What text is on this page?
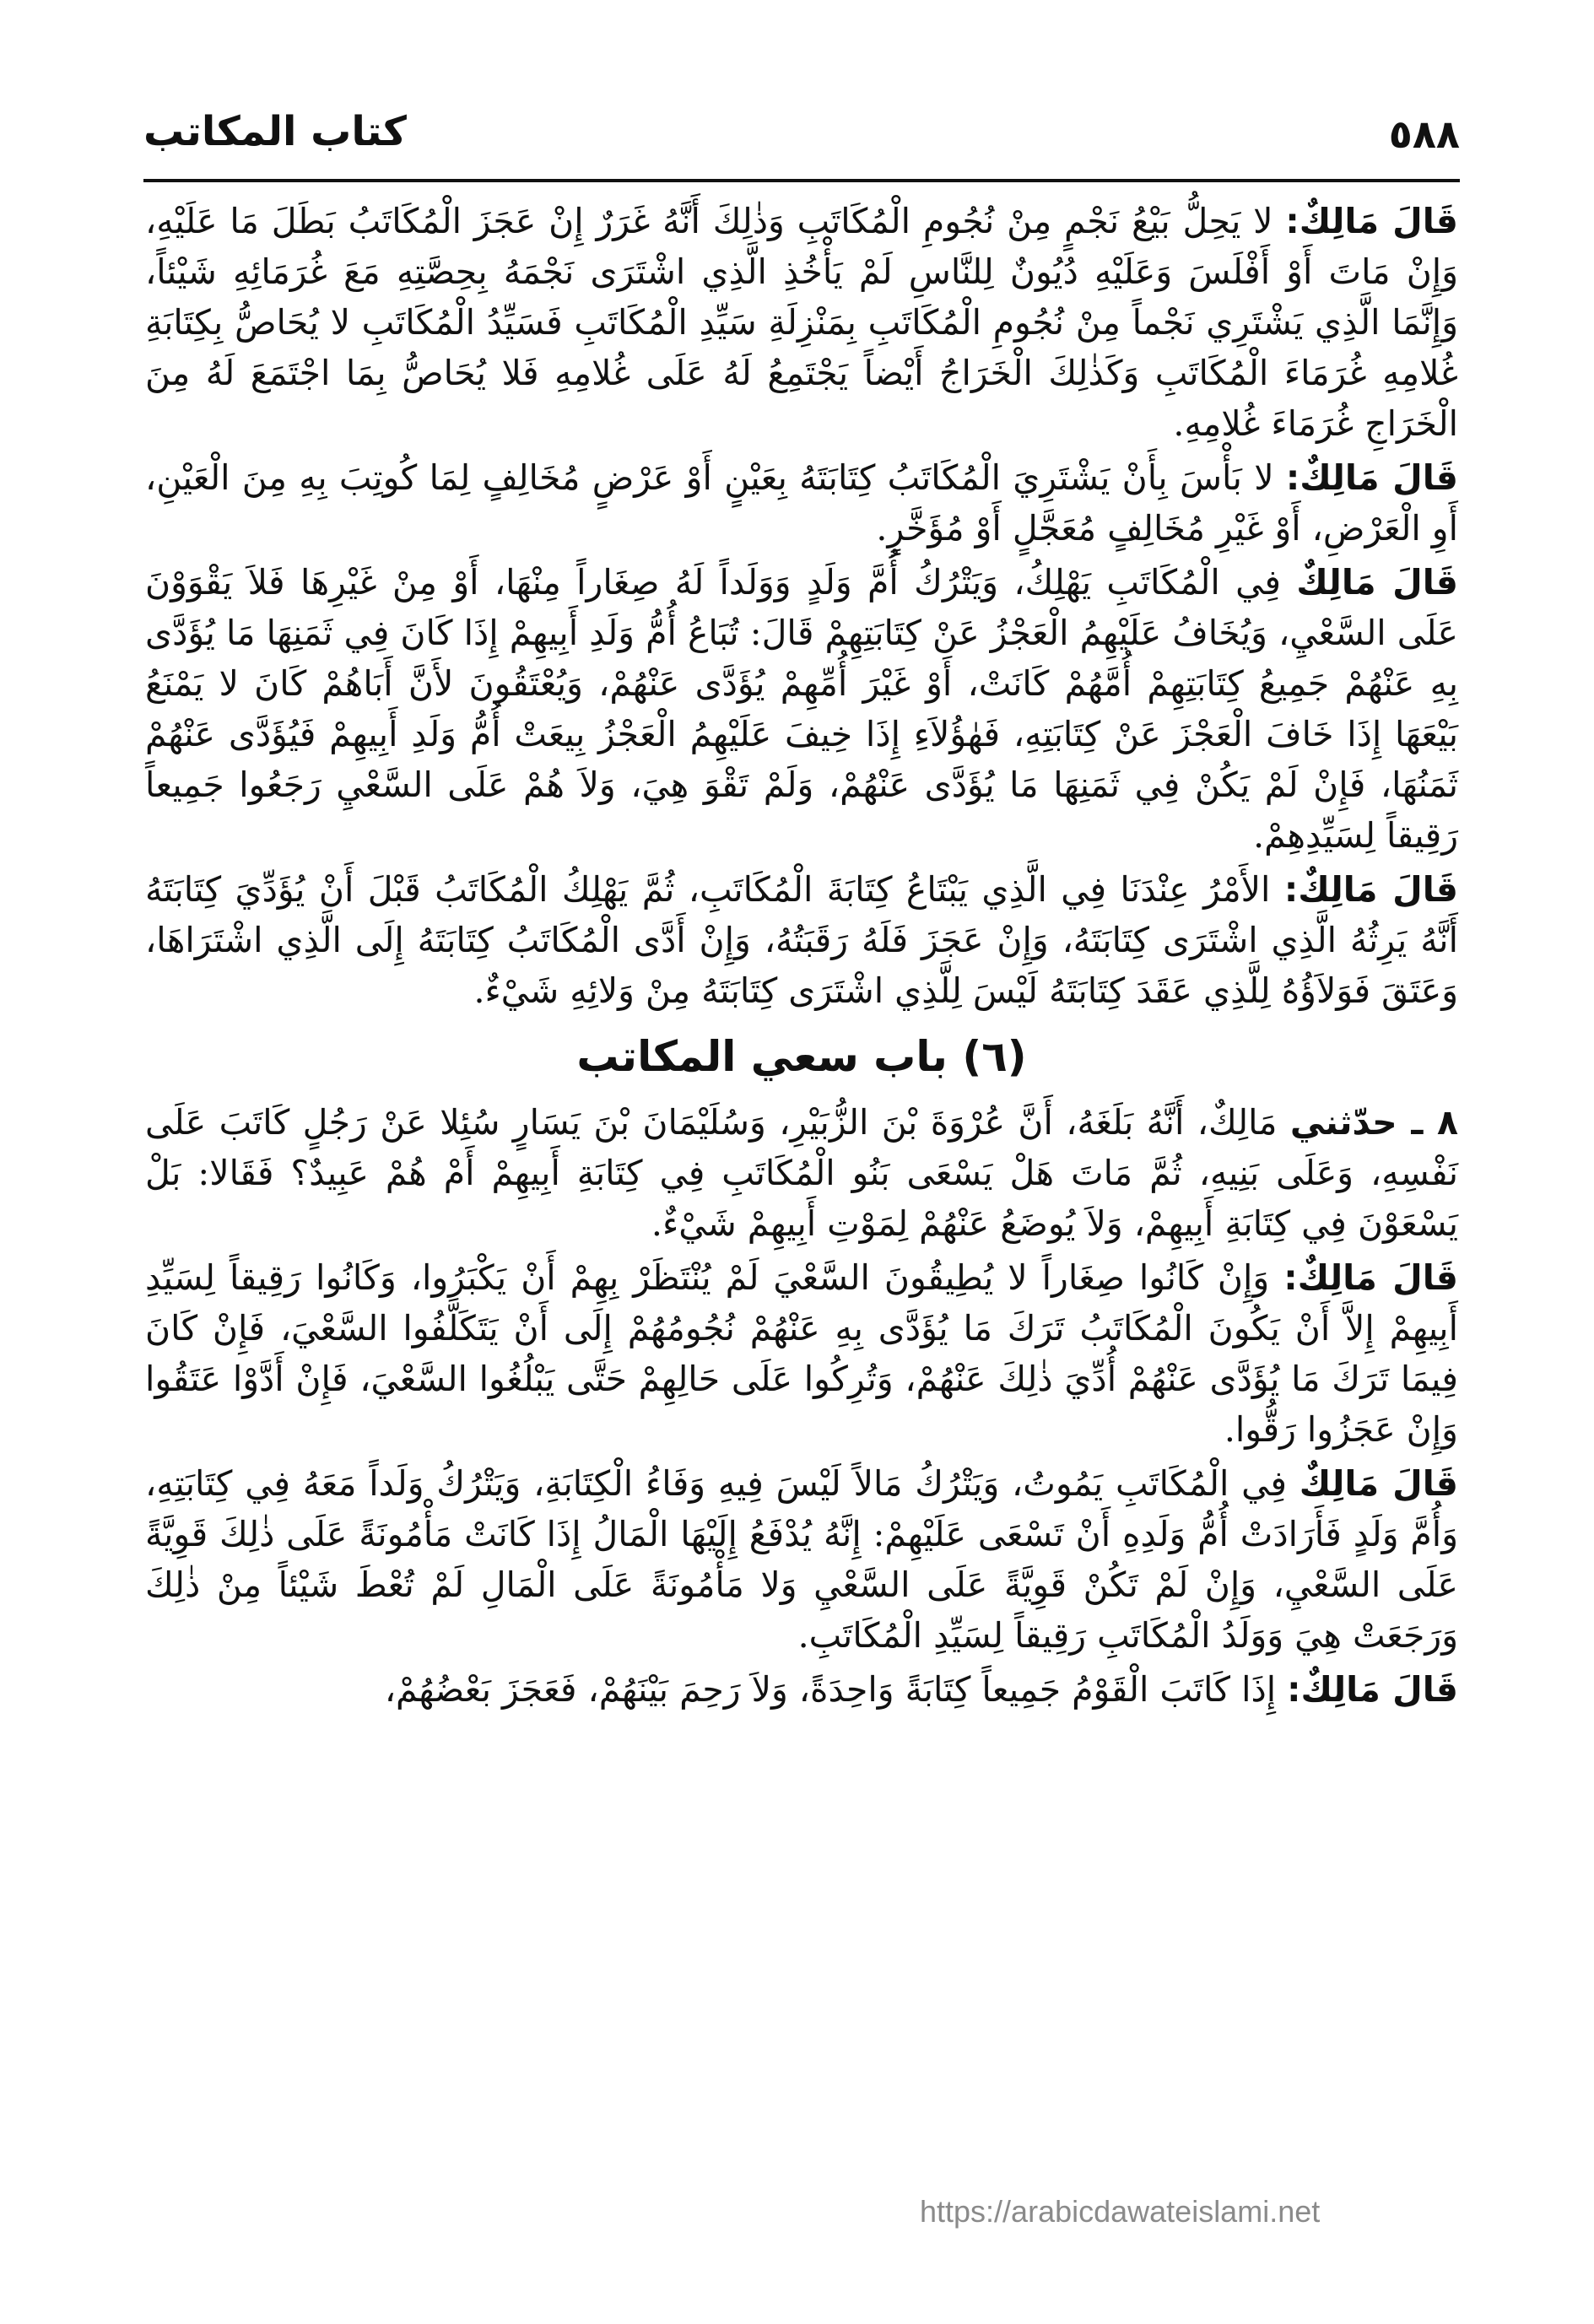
٥٨٨
كتاب المكاتب

قَالَ مَالِكٌ: لا يَحِلُّ بَيْعُ نَجْمٍ مِنْ نُجُومِ الْمُكَاتَبِ وَذٰلِكَ أَنَّهُ غَرَرٌ إِنْ عَجَزَ الْمُكَاتَبُ بَطَلَ مَا عَلَيْهِ، وَإِنْ مَاتَ أَوْ أَفْلَسَ وَعَلَيْهِ دُيُونٌ لِلنَّاسِ لَمْ يَأْخُذِ الَّذِي اشْتَرَى نَجْمَهُ بِحِصَّتِهِ مَعَ غُرَمَائِهِ شَيْئاً، وَإِنَّمَا الَّذِي يَشْتَرِي نَجْماً مِنْ نُجُومِ الْمُكَاتَبِ بِمَنْزِلَةِ سَيِّدِ الْمُكَاتَبِ فَسَيِّدُ الْمُكَاتَبِ لا يُحَاصُّ بِكِتَابَةِ غُلامِهِ غُرَمَاءَ الْمُكَاتَبِ وَكَذٰلِكَ الْخَرَاجُ أَيْضاً يَجْتَمِعُ لَهُ عَلَى غُلامِهِ فَلا يُحَاصُّ بِمَا اجْتَمَعَ لَهُ مِنَ الْخَرَاجِ غُرَمَاءَ غُلامِهِ.

قَالَ مَالِكٌ: لا بَأْسَ بِأَنْ يَشْتَرِيَ الْمُكَاتَبُ كِتَابَتَهُ بِعَيْنٍ أَوْ عَرْضٍ مُخَالِفٍ لِمَا كُوتِبَ بِهِ مِنَ الْعَيْنِ، أَوِ الْعَرْضِ، أَوْ غَيْرِ مُخَالِفٍ مُعَجَّلٍ أَوْ مُؤَخَّرٍ.

قَالَ مَالِكٌ فِي الْمُكَاتَبِ يَهْلِكُ، وَيَتْرُكُ أُمَّ وَلَدٍ وَوَلَداً لَهُ صِغَاراً مِنْهَا، أَوْ مِنْ غَيْرِهَا فَلاَ يَقْوَوْنَ عَلَى السَّعْيِ، وَيُخَافُ عَلَيْهِمُ الْعَجْزُ عَنْ كِتَابَتِهِمْ قَالَ: تُبَاعُ أُمُّ وَلَدِ أَبِيهِمْ إِذَا كَانَ فِي ثَمَنِهَا مَا يُؤَدَّى بِهِ عَنْهُمْ جَمِيعُ كِتَابَتِهِمْ أُمَّهُمْ كَانَتْ، أَوْ غَيْرَ أُمِّهِمْ يُؤَدَّى عَنْهُمْ، وَيُعْتَقُونَ لأَنَّ أَبَاهُمْ كَانَ لا يَمْنَعُ بَيْعَهَا إِذَا خَافَ الْعَجْزَ عَنْ كِتَابَتِهِ، فَهٰؤُلاَءِ إِذَا خِيفَ عَلَيْهِمُ الْعَجْزُ بِيعَتْ أُمُّ وَلَدِ أَبِيهِمْ فَيُؤَدَّى عَنْهُمْ ثَمَنُهَا، فَإِنْ لَمْ يَكُنْ فِي ثَمَنِهَا مَا يُؤَدَّى عَنْهُمْ، وَلَمْ تَقْوَ هِيَ، وَلاَ هُمْ عَلَى السَّعْيِ رَجَعُوا جَمِيعاً رَقِيقاً لِسَيِّدِهِمْ.

قَالَ مَالِكٌ: الأَمْرُ عِنْدَنَا فِي الَّذِي يَبْتَاعُ كِتَابَةَ الْمُكَاتَبِ، ثُمَّ يَهْلِكُ الْمُكَاتَبُ قَبْلَ أَنْ يُؤَدِّيَ كِتَابَتَهُ أَنَّهُ يَرِثُهُ الَّذِي اشْتَرَى كِتَابَتَهُ، وَإِنْ عَجَزَ فَلَهُ رَقَبَتُهُ، وَإِنْ أَدَّى الْمُكَاتَبُ كِتَابَتَهُ إِلَى الَّذِي اشْتَرَاهَا، وَعَتَقَ فَوَلاَؤُهُ لِلَّذِي عَقَدَ كِتَابَتَهُ لَيْسَ لِلَّذِي اشْتَرَى كِتَابَتَهُ مِنْ وَلائِهِ شَيْءٌ.

(٦) باب سعي المكاتب

٨ ـ حدّثني مَالِكٌ، أَنَّهُ بَلَغَهُ، أَنَّ عُرْوَةَ بْنَ الزُّبَيْرِ، وَسُلَيْمَانَ بْنَ يَسَارٍ سُئِلا عَنْ رَجُلٍ كَاتَبَ عَلَى نَفْسِهِ، وَعَلَى بَنِيهِ، ثُمَّ مَاتَ هَلْ يَسْعَى بَنُو الْمُكَاتَبِ فِي كِتَابَةِ أَبِيهِمْ أَمْ هُمْ عَبِيدٌ؟ فَقَالا: بَلْ يَسْعَوْنَ فِي كِتَابَةِ أَبِيهِمْ، وَلاَ يُوضَعُ عَنْهُمْ لِمَوْتِ أَبِيهِمْ شَيْءٌ.

قَالَ مَالِكٌ: وَإِنْ كَانُوا صِغَاراً لا يُطِيقُونَ السَّعْيَ لَمْ يُنْتَظَرْ بِهِمْ أَنْ يَكْبَرُوا، وَكَانُوا رَقِيقاً لِسَيِّدِ أَبِيهِمْ إِلاَّ أَنْ يَكُونَ الْمُكَاتَبُ تَرَكَ مَا يُؤَدَّى بِهِ عَنْهُمْ نُجُومُهُمْ إِلَى أَنْ يَتَكَلَّفُوا السَّعْيَ، فَإِنْ كَانَ فِيمَا تَرَكَ مَا يُؤَدَّى عَنْهُمْ أُدِّيَ ذٰلِكَ عَنْهُمْ، وَتُرِكُوا عَلَى حَالِهِمْ حَتَّى يَبْلُغُوا السَّعْيَ، فَإِنْ أَدَّوْا عَتَقُوا وَإِنْ عَجَزُوا رَقُّوا.

قَالَ مَالِكٌ فِي الْمُكَاتَبِ يَمُوتُ، وَيَتْرُكُ مَالاً لَيْسَ فِيهِ وَفَاءُ الْكِتَابَةِ، وَيَتْرُكُ وَلَداً مَعَهُ فِي كِتَابَتِهِ، وَأُمَّ وَلَدٍ فَأَرَادَتْ أُمُّ وَلَدِهِ أَنْ تَسْعَى عَلَيْهِمْ: إِنَّهُ يُدْفَعُ إِلَيْهَا الْمَالُ إِذَا كَانَتْ مَأْمُونَةً عَلَى ذٰلِكَ قَوِيَّةً عَلَى السَّعْيِ، وَإِنْ لَمْ تَكُنْ قَوِيَّةً عَلَى السَّعْيِ وَلا مَأْمُونَةً عَلَى الْمَالِ لَمْ تُعْطَ شَيْئاً مِنْ ذٰلِكَ وَرَجَعَتْ هِيَ وَوَلَدُ الْمُكَاتَبِ رَقِيقاً لِسَيِّدِ الْمُكَاتَبِ.

قَالَ مَالِكٌ: إِذَا كَاتَبَ الْقَوْمُ جَمِيعاً كِتَابَةً وَاحِدَةً، وَلاَ رَحِمَ بَيْنَهُمْ، فَعَجَزَ بَعْضُهُمْ،

https://arabicdawateislami.net
